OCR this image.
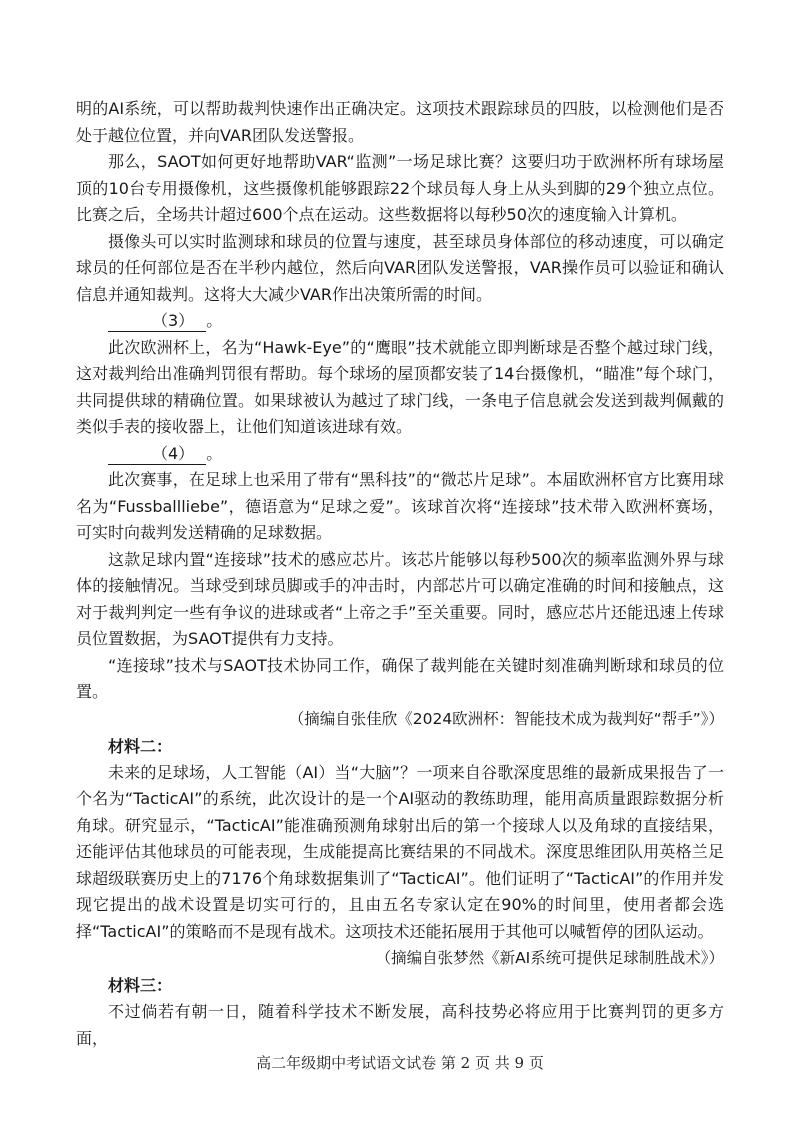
明的AI系统，可以帮助裁判快速作出正确决定。这项技术跟踪球员的四肢，以检测他们是否处于越位位置，并向VAR团队发送警报。

那么，SAOT如何更好地帮助VAR“监测”一场足球比赛？这要归功于欧洲杯所有球场屋顶的10台专用摄像机，这些摄像机能够跟踪22个球员每人身上从头到脚的29个独立点位。比赛之后，全场共计超过600个点在运动。这些数据将以每秒50次的速度输入计算机。

摄像头可以实时监测球和球员的位置与速度，甚至球员身体部位的移动速度，可以确定球员的任何部位是否在半秒内越位，然后向VAR团队发送警报，VAR操作员可以验证和确认信息并通知裁判。这将大大减少VAR作出决策所需的时间。

（3） 。

此次欧洲杯上，名为“Hawk-Eye”的“鹰眼”技术就能立即判断球是否整个越过球门线，这对裁判给出准确判罚很有帮助。每个球场的屋顶都安装了14台摄像机，“瞄准”每个球门，共同提供球的精确位置。如果球被认为越过了球门线，一条电子信息就会发送到裁判佩戴的类似手表的接收器上，让他们知道该进球有效。

（4） 。

此次赛事，在足球上也采用了带有“黑科技”的“微芯片足球”。本届欧洲杯官方比赛用球名为“Fussballliebe”，德语意为“足球之爱”。该球首次将“连接球”技术带入欧洲杯赛场，可实时向裁判发送精确的足球数据。

这款足球内置“连接球”技术的感应芯片。该芯片能够以每秒500次的频率监测外界与球体的接触情况。当球受到球员脚或手的冲击时，内部芯片可以确定准确的时间和接触点，这对于裁判判定一些有争议的进球或者“上帝之手”至关重要。同时，感应芯片还能迅速上传球员位置数据，为SAOT提供有力支持。

“连接球”技术与SAOT技术协同工作，确保了裁判能在关键时刻准确判断球和球员的位置。

（摘编自张佳欣《2024欧洲杯：智能技术成为裁判好“帮手”》）

材料二：

未来的足球场，人工智能（AI）当“大脑”？一项来自谷歌深度思维的最新成果报告了一个名为“TacticAI”的系统，此次设计的是一个AI驱动的教练助理，能用高质量跟踪数据分析角球。研究显示，“TacticAI”能准确预测角球射出后的第一个接球人以及角球的直接结果，还能评估其他球员的可能表现，生成能提高比赛结果的不同战术。深度思维团队用英格兰足球超级联赛历史上的7176个角球数据集训了“TacticAI”。他们证明了“TacticAI”的作用并发现它提出的战术设置是切实可行的，且由五名专家认定在90%的时间里，使用者都会选择“TacticAI”的策略而不是现有战术。这项技术还能拓展用于其他可以喊暂停的团队运动。

（摘编自张梦然《新AI系统可提供足球制胜战术》）

材料三：

不过倘若有朝一日，随着科学技术不断发展，高科技势必将应用于比赛判罚的更多方面，

高二年级期中考试语文试卷 第 2 页 共 9 页
